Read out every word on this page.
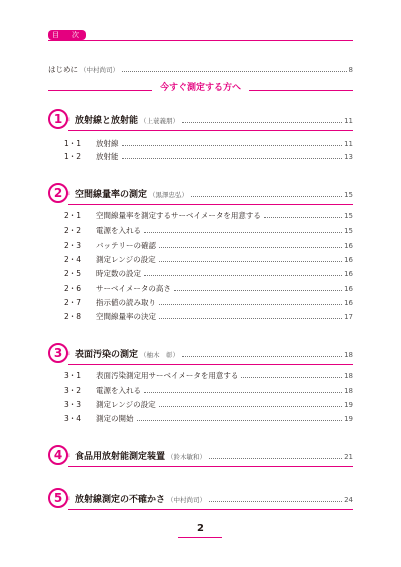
目　次
はじめに （中村尚司）	8
今すぐ測定する方へ
1 章 放射線と放射能 （上蓑義朋）	11
1・1	放射線	11
1・2	放射能	13
2 章 空間線量率の測定 （黒澤忠弘）	15
2・1	空間線量率を測定するサーベイメータを用意する	15
2・2	電源を入れる	15
2・3	バッテリーの確認	16
2・4	測定レンジの設定	16
2・5	時定数の設定	16
2・6	サーベイメータの高さ	16
2・7	指示値の読み取り	16
2・8	空間線量率の決定	17
3 章 表面汚染の測定 （柚木　彰）	18
3・1	表面汚染測定用サーベイメータを用意する	18
3・2	電源を入れる	18
3・3	測定レンジの設定	19
3・4	測定の開始	19
4 章 食品用放射能測定装置 （鈴木敏和）	21
5 章 放射線測定の不確かさ （中村尚司）	24
2
